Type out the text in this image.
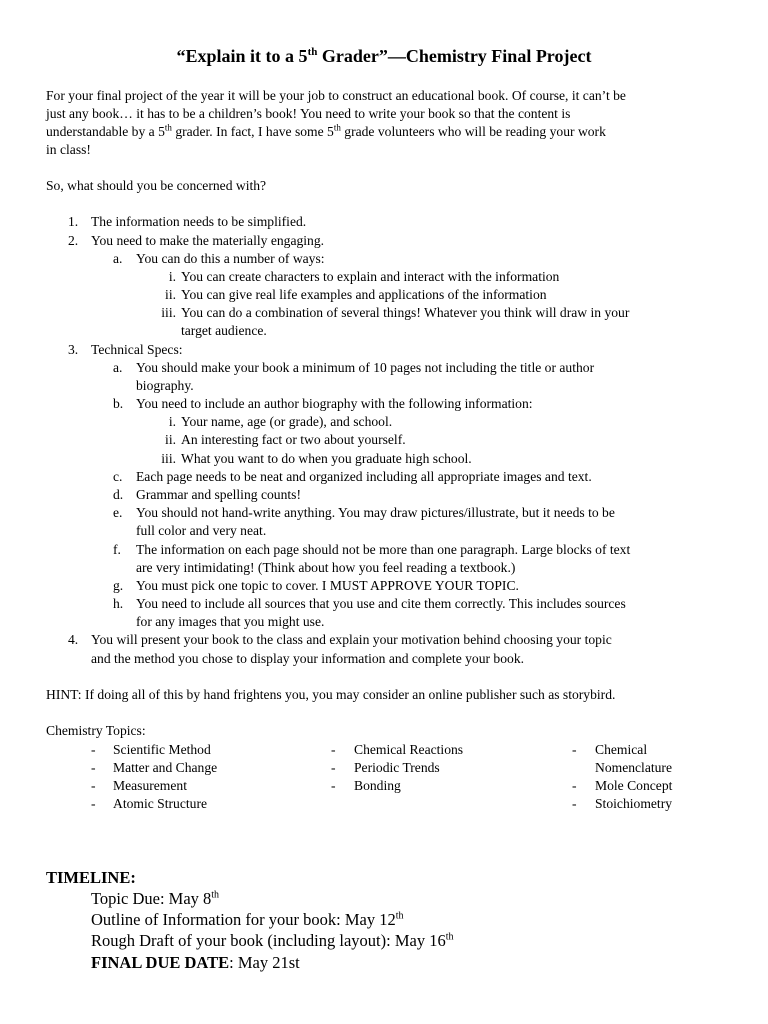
“Explain it to a 5th Grader”—Chemistry Final Project
For your final project of the year it will be your job to construct an educational book. Of course, it can’t be
just any book… it has to be a children’s book! You need to write your book so that the content is
understandable by a 5th grader. In fact, I have some 5th grade volunteers who will be reading your work
in class!
So, what should you be concerned with?
1. The information needs to be simplified.
2. You need to make the materially engaging.
a. You can do this a number of ways:
i. You can create characters to explain and interact with the information
ii. You can give real life examples and applications of the information
iii. You can do a combination of several things! Whatever you think will draw in your
target audience.
3. Technical Specs:
a. You should make your book a minimum of 10 pages not including the title or author
biography.
b. You need to include an author biography with the following information:
i. Your name, age (or grade), and school.
ii. An interesting fact or two about yourself.
iii. What you want to do when you graduate high school.
c. Each page needs to be neat and organized including all appropriate images and text.
d. Grammar and spelling counts!
e. You should not hand-write anything. You may draw pictures/illustrate, but it needs to be
full color and very neat.
f. The information on each page should not be more than one paragraph. Large blocks of text
are very intimidating! (Think about how you feel reading a textbook.)
g. You must pick one topic to cover. I MUST APPROVE YOUR TOPIC.
h. You need to include all sources that you use and cite them correctly. This includes sources
for any images that you might use.
4. You will present your book to the class and explain your motivation behind choosing your topic
and the method you chose to display your information and complete your book.
HINT: If doing all of this by hand frightens you, you may consider an online publisher such as storybird.
Chemistry Topics:
- Scientific Method
- Matter and Change
- Measurement
- Atomic Structure
- Chemical Reactions
- Periodic Trends
- Bonding
- Chemical
Nomenclature
- Mole Concept
- Stoichiometry
TIMELINE:
Topic Due: May 8th
Outline of Information for your book: May 12th
Rough Draft of your book (including layout): May 16th
FINAL DUE DATE: May 21st
